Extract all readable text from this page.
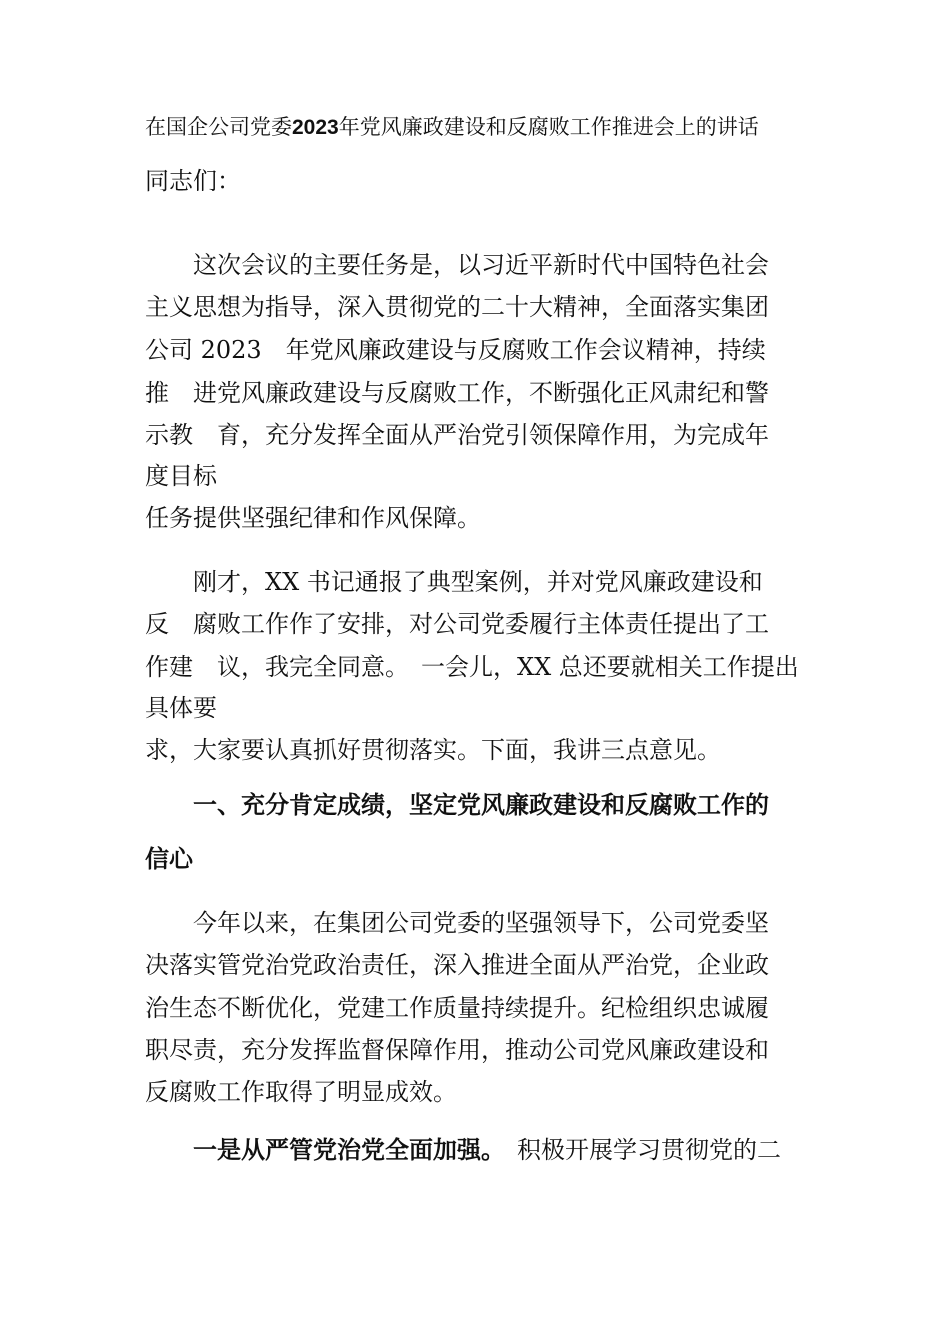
在国企公司党委2023年党风廉政建设和反腐败工作推进会上的讲话
同志们：
　　这次会议的主要任务是，以习近平新时代中国特色社会
主义思想为指导，深入贯彻党的二十大精神，全面落实集团
公司 2023　年党风廉政建设与反腐败工作会议精神，持续
推　进党风廉政建设与反腐败工作，不断强化正风肃纪和警
示教　育，充分发挥全面从严治党引领保障作用，为完成年
度目标
任务提供坚强纪律和作风保障。
　　刚才，XX 书记通报了典型案例，并对党风廉政建设和
反　腐败工作作了安排，对公司党委履行主体责任提出了工
作建　议，我完全同意。　一会儿，XX 总还要就相关工作提出
具体要
求，大家要认真抓好贯彻落实。下面，我讲三点意见。
　　一、充分肯定成绩，坚定党风廉政建设和反腐败工作的
信心
　　今年以来，在集团公司党委的坚强领导下，公司党委坚
决落实管党治党政治责任，深入推进全面从严治党，企业政
治生态不断优化，党建工作质量持续提升。纪检组织忠诚履
职尽责，充分发挥监督保障作用，推动公司党风廉政建设和
反腐败工作取得了明显成效。
　　一是从严管党治党全面加强。　积极开展学习贯彻党的二
